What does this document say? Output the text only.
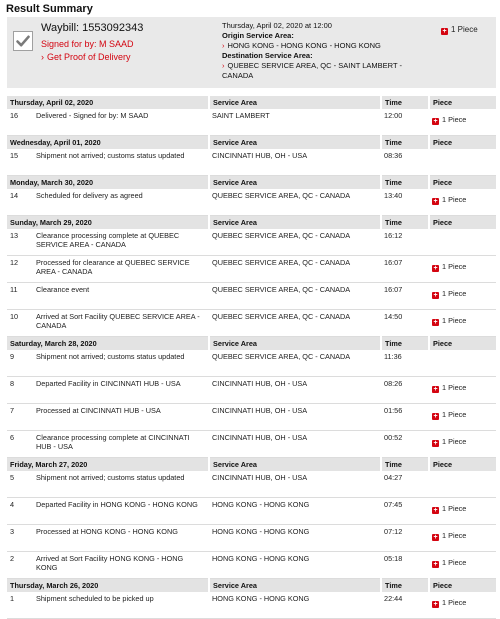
Result Summary
Waybill: 1553092343
Signed for by: M SAAD
› Get Proof of Delivery
Thursday, April 02, 2020 at 12:00
Origin Service Area:
› HONG KONG - HONG KONG - HONG KONG
Destination Service Area:
› QUEBEC SERVICE AREA, QC - SAINT LAMBERT - CANADA
+ 1 Piece
Thursday, April 02, 2020		Service Area	Time	Piece
16	Delivered - Signed for by: M SAAD	SAINT LAMBERT	12:00	+ 1 Piece
Wednesday, April 01, 2020		Service Area	Time	Piece
15	Shipment not arrived; customs status updated	CINCINNATI HUB, OH - USA	08:36	
Monday, March 30, 2020		Service Area	Time	Piece
14	Scheduled for delivery as agreed	QUEBEC SERVICE AREA, QC - CANADA	13:40	+ 1 Piece
Sunday, March 29, 2020		Service Area	Time	Piece
13	Clearance processing complete at QUEBEC SERVICE AREA - CANADA	QUEBEC SERVICE AREA, QC - CANADA	16:12	
12	Processed for clearance at QUEBEC SERVICE AREA - CANADA	QUEBEC SERVICE AREA, QC - CANADA	16:07	+ 1 Piece
11	Clearance event	QUEBEC SERVICE AREA, QC - CANADA	16:07	+ 1 Piece
10	Arrived at Sort Facility QUEBEC SERVICE AREA - CANADA	QUEBEC SERVICE AREA, QC - CANADA	14:50	+ 1 Piece
Saturday, March 28, 2020		Service Area	Time	Piece
9	Shipment not arrived; customs status updated	QUEBEC SERVICE AREA, QC - CANADA	11:36	
8	Departed Facility in CINCINNATI HUB - USA	CINCINNATI HUB, OH - USA	08:26	+ 1 Piece
7	Processed at CINCINNATI HUB - USA	CINCINNATI HUB, OH - USA	01:56	+ 1 Piece
6	Clearance processing complete at CINCINNATI HUB - USA	CINCINNATI HUB, OH - USA	00:52	+ 1 Piece
Friday, March 27, 2020		Service Area	Time	Piece
5	Shipment not arrived; customs status updated	CINCINNATI HUB, OH - USA	04:27	
4	Departed Facility in HONG KONG - HONG KONG	HONG KONG - HONG KONG	07:45	+ 1 Piece
3	Processed at HONG KONG - HONG KONG	HONG KONG - HONG KONG	07:12	+ 1 Piece
2	Arrived at Sort Facility HONG KONG - HONG KONG	HONG KONG - HONG KONG	05:18	+ 1 Piece
Thursday, March 26, 2020		Service Area	Time	Piece
1	Shipment scheduled to be picked up	HONG KONG - HONG KONG	22:44	+ 1 Piece
